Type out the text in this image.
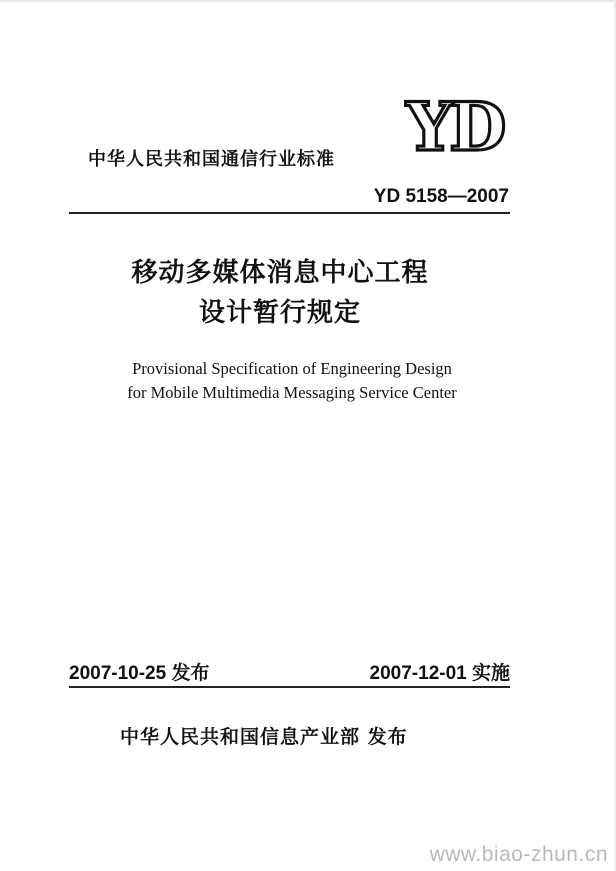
YD
中华人民共和国通信行业标准
YD 5158—2007
移动多媒体消息中心工程
设计暂行规定
Provisional Specification of Engineering Design
for Mobile Multimedia Messaging Service Center
2007-10-25 发布	2007-12-01 实施
中华人民共和国信息产业部 发布
www.biao-zhun.cn
